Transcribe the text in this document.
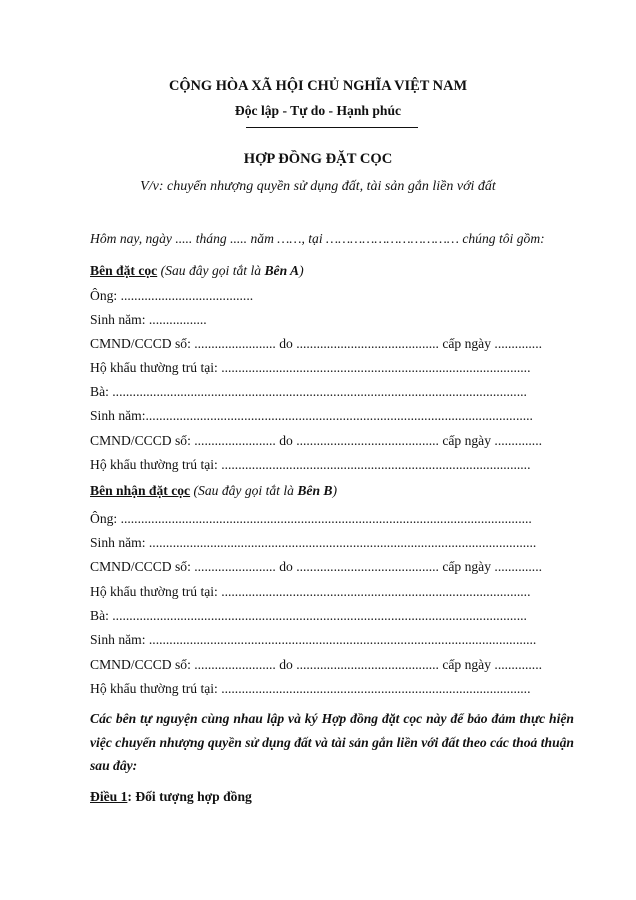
CỘNG HÒA XÃ HỘI CHỦ NGHĨA VIỆT NAM
Độc lập - Tự do - Hạnh phúc
HỢP ĐỒNG ĐẶT CỌC
V/v: chuyển nhượng quyền sử dụng đất, tài sản gắn liền với đất
Hôm nay, ngày ..... tháng ..... năm ……, tại …………………………… chúng tôi gồm:
Bên đặt cọc (Sau đây gọi tắt là Bên A)
Ông: .......................................
Sinh năm: .................
CMND/CCCD số: ........................ do .......................................... cấp ngày ..............
Hộ khẩu thường trú tại: ...........................................................................................
Bà: ..........................................................................................................................
Sinh năm:..................................................................................................................
CMND/CCCD số: ........................ do .......................................... cấp ngày ..............
Hộ khẩu thường trú tại: ...........................................................................................
Bên nhận đặt cọc (Sau đây gọi tắt là Bên B)
Ông: .........................................................................................................................
Sinh năm: ..................................................................................................................
CMND/CCCD số: ........................ do .......................................... cấp ngày ..............
Hộ khẩu thường trú tại: ...........................................................................................
Bà: ..........................................................................................................................
Sinh năm: ..................................................................................................................
CMND/CCCD số: ........................ do .......................................... cấp ngày ..............
Hộ khẩu thường trú tại: ...........................................................................................
Các bên tự nguyện cùng nhau lập và ký Hợp đồng đặt cọc này để bảo đảm thực hiện việc chuyển nhượng quyền sử dụng đất và tài sản gắn liền với đất theo các thoả thuận sau đây:
Điều 1: Đối tượng hợp đồng
